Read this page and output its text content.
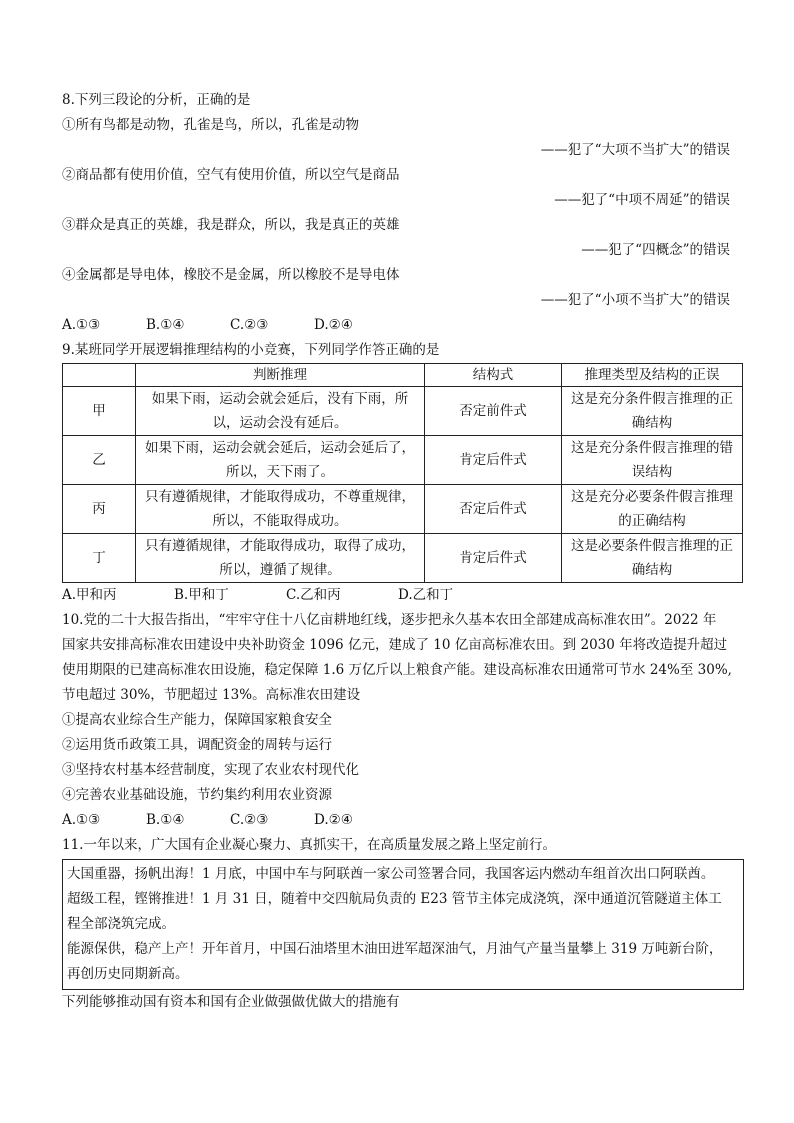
8.下列三段论的分析，正确的是
①所有鸟都是动物，孔雀是鸟，所以，孔雀是动物
——犯了“大项不当扩大”的错误
②商品都有使用价值，空气有使用价值，所以空气是商品
——犯了“中项不周延”的错误
③群众是真正的英雄，我是群众，所以，我是真正的英雄
——犯了“四概念”的错误
④金属都是导电体，橡胶不是金属，所以橡胶不是导电体
——犯了“小项不当扩大”的错误
A.①③	B.①④	C.②③	D.②④
9.某班同学开展逻辑推理结构的小竞赛，下列同学作答正确的是
	判断推理	结构式	推理类型及结构的正误
甲	如果下雨，运动会就会延后，没有下雨，所以，运动会没有延后。	否定前件式	这是充分条件假言推理的正确结构
乙	如果下雨，运动会就会延后，运动会延后了，所以，天下雨了。	肯定后件式	这是充分条件假言推理的错误结构
丙	只有遵循规律，才能取得成功，不尊重规律，所以，不能取得成功。	否定后件式	这是充分必要条件假言推理的正确结构
丁	只有遵循规律，才能取得成功，取得了成功，所以，遵循了规律。	肯定后件式	这是必要条件假言推理的正确结构
A.甲和丙	B.甲和丁	C.乙和丙	D.乙和丁
10.党的二十大报告指出，“牢牢守住十八亿亩耕地红线，逐步把永久基本农田全部建成高标准农田”。2022 年
国家共安排高标准农田建设中央补助资金 1096 亿元，建成了 10 亿亩高标准农田。到 2030 年将改造提升超过
使用期限的已建高标准农田设施，稳定保障 1.6 万亿斤以上粮食产能。建设高标准农田通常可节水 24%至 30%,
节电超过 30%，节肥超过 13%。高标准农田建设
①提高农业综合生产能力，保障国家粮食安全
②运用货币政策工具，调配资金的周转与运行
③坚持农村基本经营制度，实现了农业农村现代化
④完善农业基础设施，节约集约利用农业资源
A.①③	B.①④	C.②③	D.②④
11.一年以来，广大国有企业凝心聚力、真抓实干，在高质量发展之路上坚定前行。
大国重器，扬帆出海！1 月底，中国中车与阿联酋一家公司签署合同，我国客运内燃动车组首次出口阿联酋。
超级工程，铿锵推进！1 月 31 日，随着中交四航局负责的 E23 管节主体完成浇筑，深中通道沉管隧道主体工
程全部浇筑完成。
能源保供，稳产上产！开年首月，中国石油塔里木油田进军超深油气，月油气产量当量攀上 319 万吨新台阶，
再创历史同期新高。
下列能够推动国有资本和国有企业做强做优做大的措施有
